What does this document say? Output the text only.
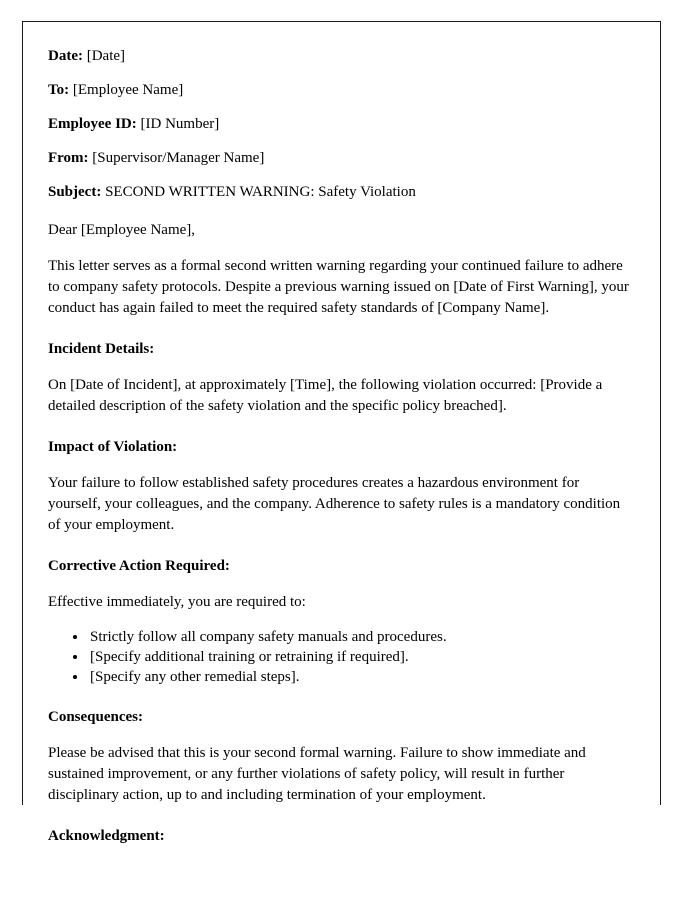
Date: [Date]
To: [Employee Name]
Employee ID: [ID Number]
From: [Supervisor/Manager Name]
Subject: SECOND WRITTEN WARNING: Safety Violation

Dear [Employee Name],

This letter serves as a formal second written warning regarding your continued failure to adhere to company safety protocols. Despite a previous warning issued on [Date of First Warning], your conduct has again failed to meet the required safety standards of [Company Name].

Incident Details:

On [Date of Incident], at approximately [Time], the following violation occurred: [Provide a detailed description of the safety violation and the specific policy breached].

Impact of Violation:

Your failure to follow established safety procedures creates a hazardous environment for yourself, your colleagues, and the company. Adherence to safety rules is a mandatory condition of your employment.

Corrective Action Required:

Effective immediately, you are required to:

• Strictly follow all company safety manuals and procedures.
• [Specify additional training or retraining if required].
• [Specify any other remedial steps].
Consequences:

Please be advised that this is your second formal warning. Failure to show immediate and sustained improvement, or any further violations of safety policy, will result in further disciplinary action, up to and including termination of your employment.

Acknowledgment:
